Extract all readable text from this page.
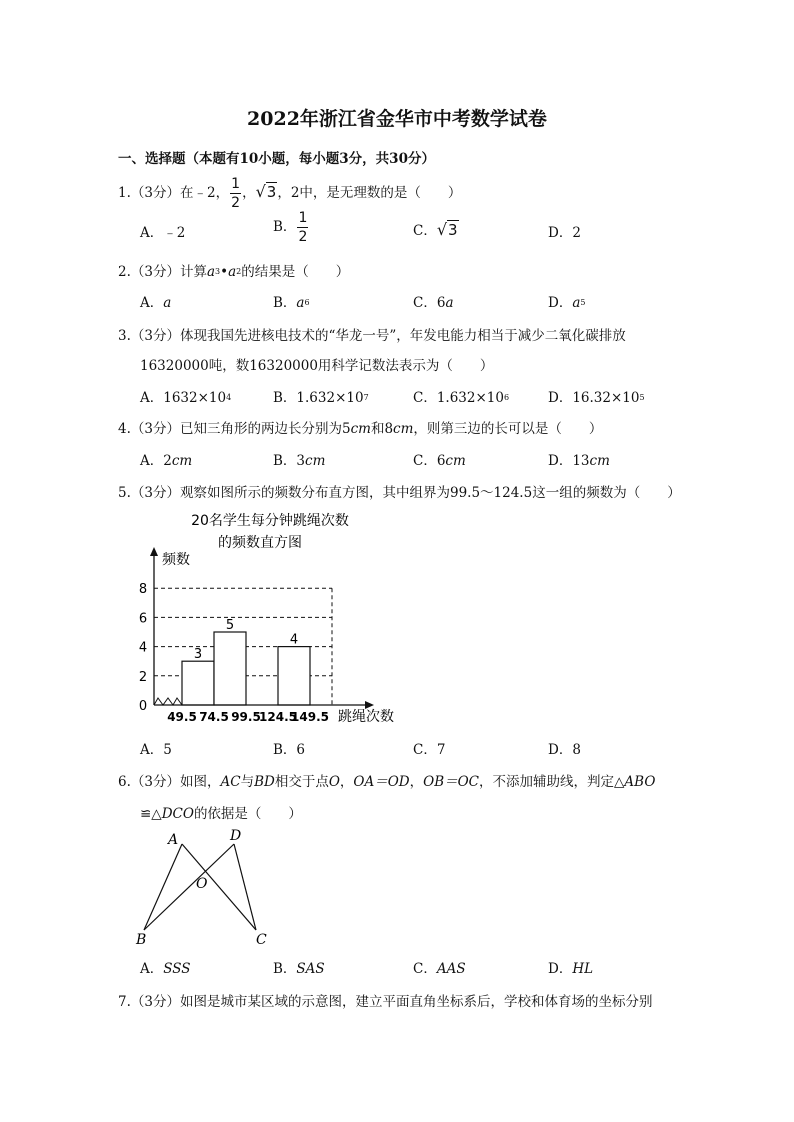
2022年浙江省金华市中考数学试卷
一、选择题（本题有10小题，每小题3分，共30分）
1.（3分）在﹣2， $\frac{1}{2}$ ，√3，2中，是无理数的是（　　）
A．﹣2	B． $\frac{1}{2}$	C．√3	D．2
2.（3分）计算$a^3•a^2$的结果是（　　）
A．a	B．$a^6$	C．6a	D．$a^5$
3.（3分）体现我国先进核电技术的“华龙一号”，年发电能力相当于减少二氧化碳排放
16320000吨，数16320000用科学记数法表示为（　　）
A．$1632\times 10^4$	B．$1.632\times 10^7$	C．$1.632\times 10^6$	D．$16.32\times 10^5$
4.（3分）已知三角形的两边长分别为5cm和8cm，则第三边的长可以是（　　）
A．2cm	B．3cm	C．6cm	D．13cm
5.（3分）观察如图所示的频数分布直方图，其中组界为99.5～124.5这一组的频数为（　　）
20名学生每分钟跳绳次数
的频数直方图
频数
跳绳次数
3
5
4
0
2
4
6
8
49.5 74.5 99.5
124.5
149.5
A．5	B．6	C．7	D．8
6.（3分）如图，AC与BD相交于点O，OA＝OD，OB＝OC，不添加辅助线，判定△ABO
≌△DCO的依据是（　　）
A	D
O
B	C
A．SSS	B．SAS	C．AAS	D．HL
7.（3分）如图是城市某区域的示意图，建立平面直角坐标系后，学校和体育场的坐标分别
